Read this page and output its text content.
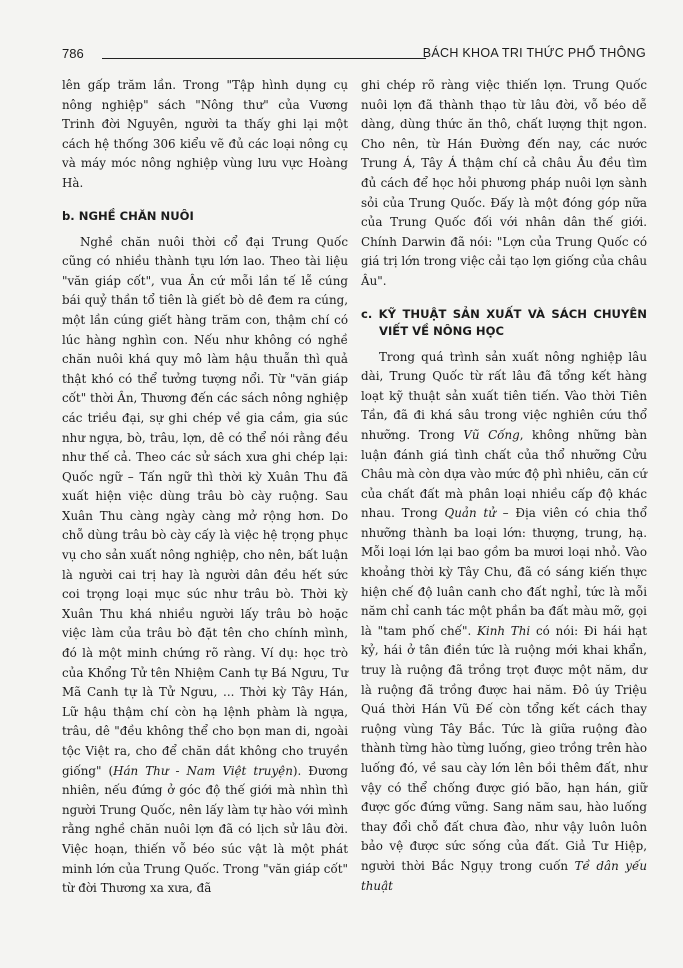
786	BÁCH KHOA TRI THỨC PHỔ THÔNG

lên gấp trăm lần. Trong "Tập hình dụng cụ nông nghiệp" sách "Nông thư" của Vương Trinh đời Nguyên, người ta thấy ghi lại một cách hệ thống 306 kiểu vẽ đủ các loại nông cụ và máy móc nông nghiệp vùng lưu vực Hoàng Hà.

b. NGHỀ CHĂN NUÔI

Nghề chăn nuôi thời cổ đại Trung Quốc cũng có nhiều thành tựu lớn lao. Theo tài liệu "văn giáp cốt", vua Ân cứ mỗi lần tế lễ cúng bái quỷ thần tổ tiên là giết bò dê đem ra cúng, một lần cúng giết hàng trăm con, thậm chí có lúc hàng nghìn con. Nếu như không có nghề chăn nuôi khá quy mô làm hậu thuẫn thì quả thật khó có thể tưởng tượng nổi. Từ "văn giáp cốt" thời Ân, Thương đến các sách nông nghiệp các triều đại, sự ghi chép về gia cầm, gia súc như ngựa, bò, trâu, lợn, dê có thể nói rằng đều như thế cả. Theo các sử sách xưa ghi chép lại: Quốc ngữ – Tấn ngữ thì thời kỳ Xuân Thu đã xuất hiện việc dùng trâu bò cày ruộng. Sau Xuân Thu càng ngày càng mở rộng hơn. Do chỗ dùng trâu bò cày cấy là việc hệ trọng phục vụ cho sản xuất nông nghiệp, cho nên, bất luận là người cai trị hay là người dân đều hết sức coi trọng loại mục súc như trâu bò. Thời kỳ Xuân Thu khá nhiều người lấy trâu bò hoặc việc làm của trâu bò đặt tên cho chính mình, đó là một minh chứng rõ ràng. Ví dụ: học trò của Khổng Tử tên Nhiệm Canh tự Bá Ngưu, Tư Mã Canh tự là Tử Ngưu, ... Thời kỳ Tây Hán, Lữ hậu thậm chí còn hạ lệnh phàm là ngựa, trâu, dê "đều không thể cho bọn man di, ngoài tộc Việt ra, cho để chăn dắt không cho truyền giống" (Hán Thư - Nam Việt truyện). Đương nhiên, nếu đứng ở góc độ thế giới mà nhìn thì người Trung Quốc, nên lấy làm tự hào với mình rằng nghề chăn nuôi lợn đã có lịch sử lâu đời. Việc hoạn, thiến vỗ béo súc vật là một phát minh lớn của Trung Quốc. Trong "văn giáp cốt" từ đời Thương xa xưa, đã

ghi chép rõ ràng việc thiến lợn. Trung Quốc nuôi lợn đã thành thạo từ lâu đời, vỗ béo dễ dàng, dùng thức ăn thô, chất lượng thịt ngon. Cho nên, từ Hán Đường đến nay, các nước Trung Á, Tây Á thậm chí cả châu Âu đều tìm đủ cách để học hỏi phương pháp nuôi lợn sành sỏi của Trung Quốc. Đấy là một đóng góp nữa của Trung Quốc đối với nhân dân thế giới. Chính Darwin đã nói: "Lợn của Trung Quốc có giá trị lớn trong việc cải tạo lợn giống của châu Âu".

c. KỸ THUẬT SẢN XUẤT VÀ SÁCH CHUYÊN VIẾT VỀ NÔNG HỌC

Trong quá trình sản xuất nông nghiệp lâu dài, Trung Quốc từ rất lâu đã tổng kết hàng loạt kỹ thuật sản xuất tiên tiến. Vào thời Tiên Tần, đã đi khá sâu trong việc nghiên cứu thổ nhưỡng. Trong Vũ Cống, không những bàn luận đánh giá tình chất của thổ nhưỡng Cửu Châu mà còn dựa vào mức độ phì nhiêu, căn cứ của chất đất mà phân loại nhiều cấp độ khác nhau. Trong Quản tử – Địa viên có chia thổ nhưỡng thành ba loại lớn: thượng, trung, hạ. Mỗi loại lớn lại bao gồm ba mươi loại nhỏ. Vào khoảng thời kỳ Tây Chu, đã có sáng kiến thực hiện chế độ luân canh cho đất nghỉ, tức là mỗi năm chỉ canh tác một phần ba đất màu mỡ, gọi là "tam phố chế". Kinh Thi có nói: Đi hái hạt kỷ, hái ở tân điền tức là ruộng mới khai khẩn, truy là ruộng đã trồng trọt được một năm, dư là ruộng đã trồng được hai năm. Đô úy Triệu Quá thời Hán Vũ Đế còn tổng kết cách thay ruộng vùng Tây Bắc. Tức là giữa ruộng đào thành từng hào từng luống, gieo trồng trên hào luống đó, về sau cày lớn lên bồi thêm đất, như vậy có thể chống được gió bão, hạn hán, giữ được gốc đứng vững. Sang năm sau, hào luống thay đổi chỗ đất chưa đào, như vậy luôn luôn bảo vệ được sức sống của đất. Giả Tư Hiệp, người thời Bắc Ngụy trong cuốn Tề dân yếu thuật
